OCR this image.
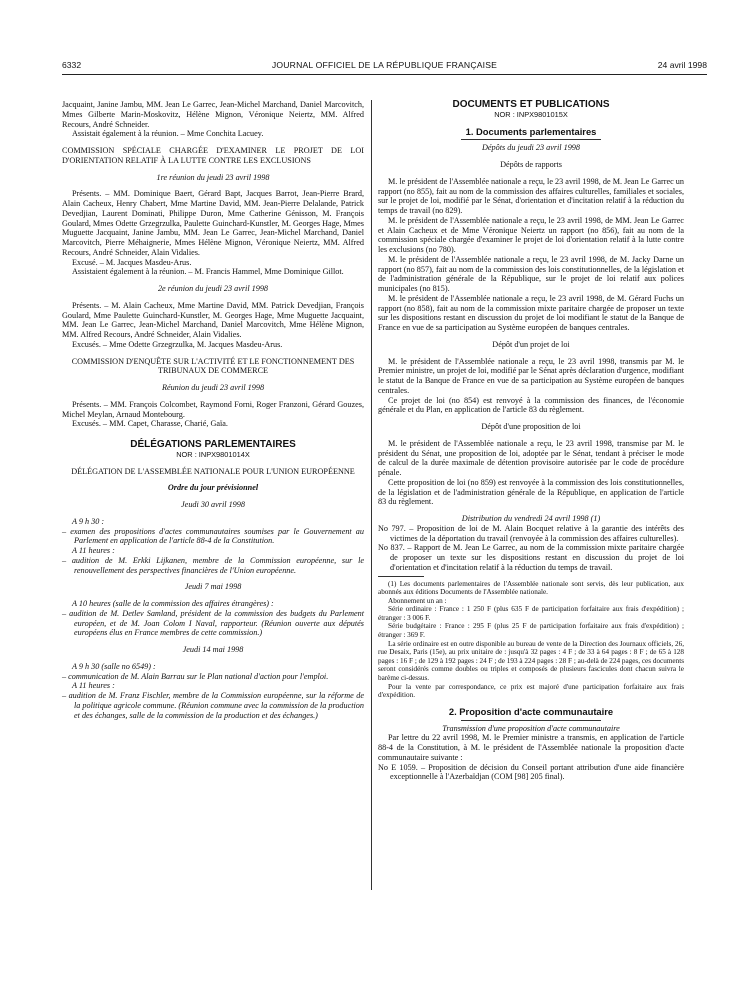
6332	JOURNAL OFFICIEL DE LA RÉPUBLIQUE FRANÇAISE	24 avril 1998

Jacquaint, Janine Jambu, MM. Jean Le Garrec, Jean-Michel Marchand, Daniel Marcovitch, Mmes Gilberte Marin-Moskovitz, Hélène Mignon, Véronique Neiertz, MM. Alfred Recours, André Schneider.

Assistait également à la réunion. – Mme Conchita Lacuey.

COMMISSION SPÉCIALE CHARGÉE D'EXAMINER LE PROJET DE LOI D'ORIENTATION RELATIF À LA LUTTE CONTRE LES EXCLUSIONS

1re réunion du jeudi 23 avril 1998

Présents. – MM. Dominique Baert, Gérard Bapt, Jacques Barrot, Jean-Pierre Brard, Alain Cacheux, Henry Chabert, Mme Martine David, MM. Jean-Pierre Delalande, Patrick Devedjian, Laurent Dominati, Philippe Duron, Mme Catherine Génisson, M. François Goulard, Mmes Odette Grzegrzulka, Paulette Guinchard-Kunstler, M. Georges Hage, Mmes Muguette Jacquaint, Janine Jambu, MM. Jean Le Garrec, Jean-Michel Marchand, Daniel Marcovitch, Pierre Méhaignerie, Mmes Hélène Mignon, Véronique Neiertz, MM. Alfred Recours, André Schneider, Alain Vidalies.

Excusé. – M. Jacques Masdeu-Arus.

Assistaient également à la réunion. – M. Francis Hammel, Mme Dominique Gillot.

2e réunion du jeudi 23 avril 1998

Présents. – M. Alain Cacheux, Mme Martine David, MM. Patrick Devedjian, François Goulard, Mme Paulette Guinchard-Kunstler, M. Georges Hage, Mme Muguette Jacquaint, MM. Jean Le Garrec, Jean-Michel Marchand, Daniel Marcovitch, Mme Hélène Mignon, MM. Alfred Recours, André Schneider, Alain Vidalies.

Excusés. – Mme Odette Grzegrzulka, M. Jacques Masdeu-Arus.

COMMISSION D'ENQUÊTE SUR L'ACTIVITÉ ET LE FONCTIONNEMENT DES TRIBUNAUX DE COMMERCE

Réunion du jeudi 23 avril 1998

Présents. – MM. François Colcombet, Raymond Forni, Roger Franzoni, Gérard Gouzes, Michel Meylan, Arnaud Montebourg.

Excusés. – MM. Capet, Charasse, Charié, Gaïa.

DÉLÉGATIONS PARLEMENTAIRES

NOR : INPX9801014X

DÉLÉGATION DE L'ASSEMBLÉE NATIONALE POUR L'UNION EUROPÉENNE

Ordre du jour prévisionnel

Jeudi 30 avril 1998

A 9 h 30 :

– examen des propositions d'actes communautaires soumises par le Gouvernement au Parlement en application de l'article 88-4 de la Constitution.

A 11 heures :

– audition de M. Erkki Lijkanen, membre de la Commission européenne, sur le renouvellement des perspectives financières de l'Union européenne.

Jeudi 7 mai 1998

A 10 heures (salle de la commission des affaires étrangères) :

– audition de M. Detlev Samland, président de la commission des budgets du Parlement européen, et de M. Joan Colom I Naval, rapporteur. (Réunion ouverte aux députés européens élus en France membres de cette commission.)

Jeudi 14 mai 1998

A 9 h 30 (salle no 6549) :

– communication de M. Alain Barrau sur le Plan national d'action pour l'emploi.

A 11 heures :

– audition de M. Franz Fischler, membre de la Commission européenne, sur la réforme de la politique agricole commune. (Réunion commune avec la commission de la production et des échanges, salle de la commission de la production et des échanges.)

DOCUMENTS ET PUBLICATIONS

NOR : INPX9801015X

1. Documents parlementaires

Dépôts du jeudi 23 avril 1998

Dépôts de rapports

M. le président de l'Assemblée nationale a reçu, le 23 avril 1998, de M. Jean Le Garrec un rapport (no 855), fait au nom de la commission des affaires culturelles, familiales et sociales, sur le projet de loi, modifié par le Sénat, d'orientation et d'incitation relatif à la réduction du temps de travail (no 829).

M. le président de l'Assemblée nationale a reçu, le 23 avril 1998, de MM. Jean Le Garrec et Alain Cacheux et de Mme Véronique Neiertz un rapport (no 856), fait au nom de la commission spéciale chargée d'examiner le projet de loi d'orientation relatif à la lutte contre les exclusions (no 780).

M. le président de l'Assemblée nationale a reçu, le 23 avril 1998, de M. Jacky Darne un rapport (no 857), fait au nom de la commission des lois constitutionnelles, de la législation et de l'administration générale de la République, sur le projet de loi relatif aux polices municipales (no 815).

M. le président de l'Assemblée nationale a reçu, le 23 avril 1998, de M. Gérard Fuchs un rapport (no 858), fait au nom de la commission mixte paritaire chargée de proposer un texte sur les dispositions restant en discussion du projet de loi modifiant le statut de la Banque de France en vue de sa participation au Système européen de banques centrales.

Dépôt d'un projet de loi

M. le président de l'Assemblée nationale a reçu, le 23 avril 1998, transmis par M. le Premier ministre, un projet de loi, modifié par le Sénat après déclaration d'urgence, modifiant le statut de la Banque de France en vue de sa participation au Système européen de banques centrales.

Ce projet de loi (no 854) est renvoyé à la commission des finances, de l'économie générale et du Plan, en application de l'article 83 du règlement.

Dépôt d'une proposition de loi

M. le président de l'Assemblée nationale a reçu, le 23 avril 1998, transmise par M. le président du Sénat, une proposition de loi, adoptée par le Sénat, tendant à préciser le mode de calcul de la durée maximale de détention provisoire autorisée par le code de procédure pénale.

Cette proposition de loi (no 859) est renvoyée à la commission des lois constitutionnelles, de la législation et de l'administration générale de la République, en application de l'article 83 du règlement.

Distribution du vendredi 24 avril 1998 (1)

No 797. – Proposition de loi de M. Alain Bocquet relative à la garantie des intérêts des victimes de la déportation du travail (renvoyée à la commission des affaires culturelles).

No 837. – Rapport de M. Jean Le Garrec, au nom de la commission mixte paritaire chargée de proposer un texte sur les dispositions restant en discussion du projet de loi d'orientation et d'incitation relatif à la réduction du temps de travail.

(1) Les documents parlementaires de l'Assemblée nationale sont servis, dès leur publication, aux abonnés aux éditions Documents de l'Assemblée nationale.

Abonnement un an :

Série ordinaire : France : 1 250 F (plus 635 F de participation forfaitaire aux frais d'expédition) ; étranger : 3 006 F.

Série budgétaire : France : 295 F (plus 25 F de participation forfaitaire aux frais d'expédition) ; étranger : 369 F.

La série ordinaire est en outre disponible au bureau de vente de la Direction des Journaux officiels, 26, rue Desaix, Paris (15e), au prix unitaire de : jusqu'à 32 pages : 4 F ; de 33 à 64 pages : 8 F ; de 65 à 128 pages : 16 F ; de 129 à 192 pages : 24 F ; de 193 à 224 pages : 28 F ; au-delà de 224 pages, ces documents seront considérés comme doubles ou triples et composés de plusieurs fascicules dont chacun suivra le barème ci-dessus.

Pour la vente par correspondance, ce prix est majoré d'une participation forfaitaire aux frais d'expédition.

2. Proposition d'acte communautaire

Transmission d'une proposition d'acte communautaire

Par lettre du 22 avril 1998, M. le Premier ministre a transmis, en application de l'article 88-4 de la Constitution, à M. le président de l'Assemblée nationale la proposition d'acte communautaire suivante :

No E 1059. – Proposition de décision du Conseil portant attribution d'une aide financière exceptionnelle à l'Azerbaïdjan (COM [98] 205 final).
